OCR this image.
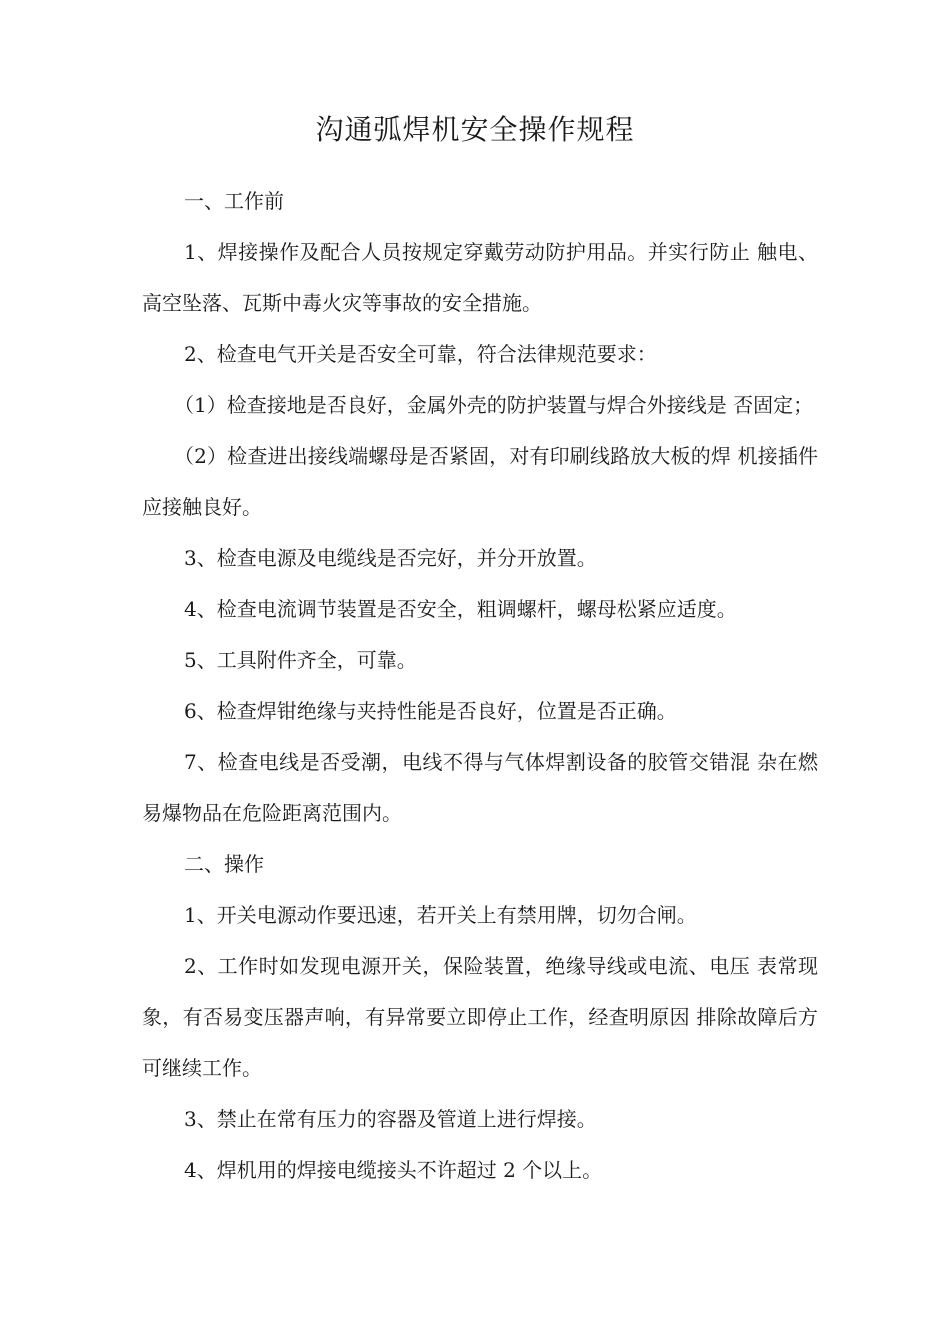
沟通弧焊机安全操作规程

一、工作前

1、焊接操作及配合人员按规定穿戴劳动防护用品。并实行防止 触电、高空坠落、瓦斯中毒火灾等事故的安全措施。

2、检查电气开关是否安全可靠，符合法律规范要求：

（1）检查接地是否良好，金属外壳的防护装置与焊合外接线是 否固定；

（2）检查进出接线端螺母是否紧固，对有印刷线路放大板的焊 机接插件应接触良好。

3、检查电源及电缆线是否完好，并分开放置。

4、检查电流调节装置是否安全，粗调螺杆，螺母松紧应适度。

5、工具附件齐全，可靠。

6、检查焊钳绝缘与夹持性能是否良好，位置是否正确。

7、检查电线是否受潮，电线不得与气体焊割设备的胶管交错混 杂在燃易爆物品在危险距离范围内。

二、操作

1、开关电源动作要迅速，若开关上有禁用牌，切勿合闸。

2、工作时如发现电源开关，保险装置，绝缘导线或电流、电压 表常现象，有否易变压器声响，有异常要立即停止工作，经查明原因 排除故障后方可继续工作。

3、禁止在常有压力的容器及管道上进行焊接。

4、焊机用的焊接电缆接头不许超过 2 个以上。
